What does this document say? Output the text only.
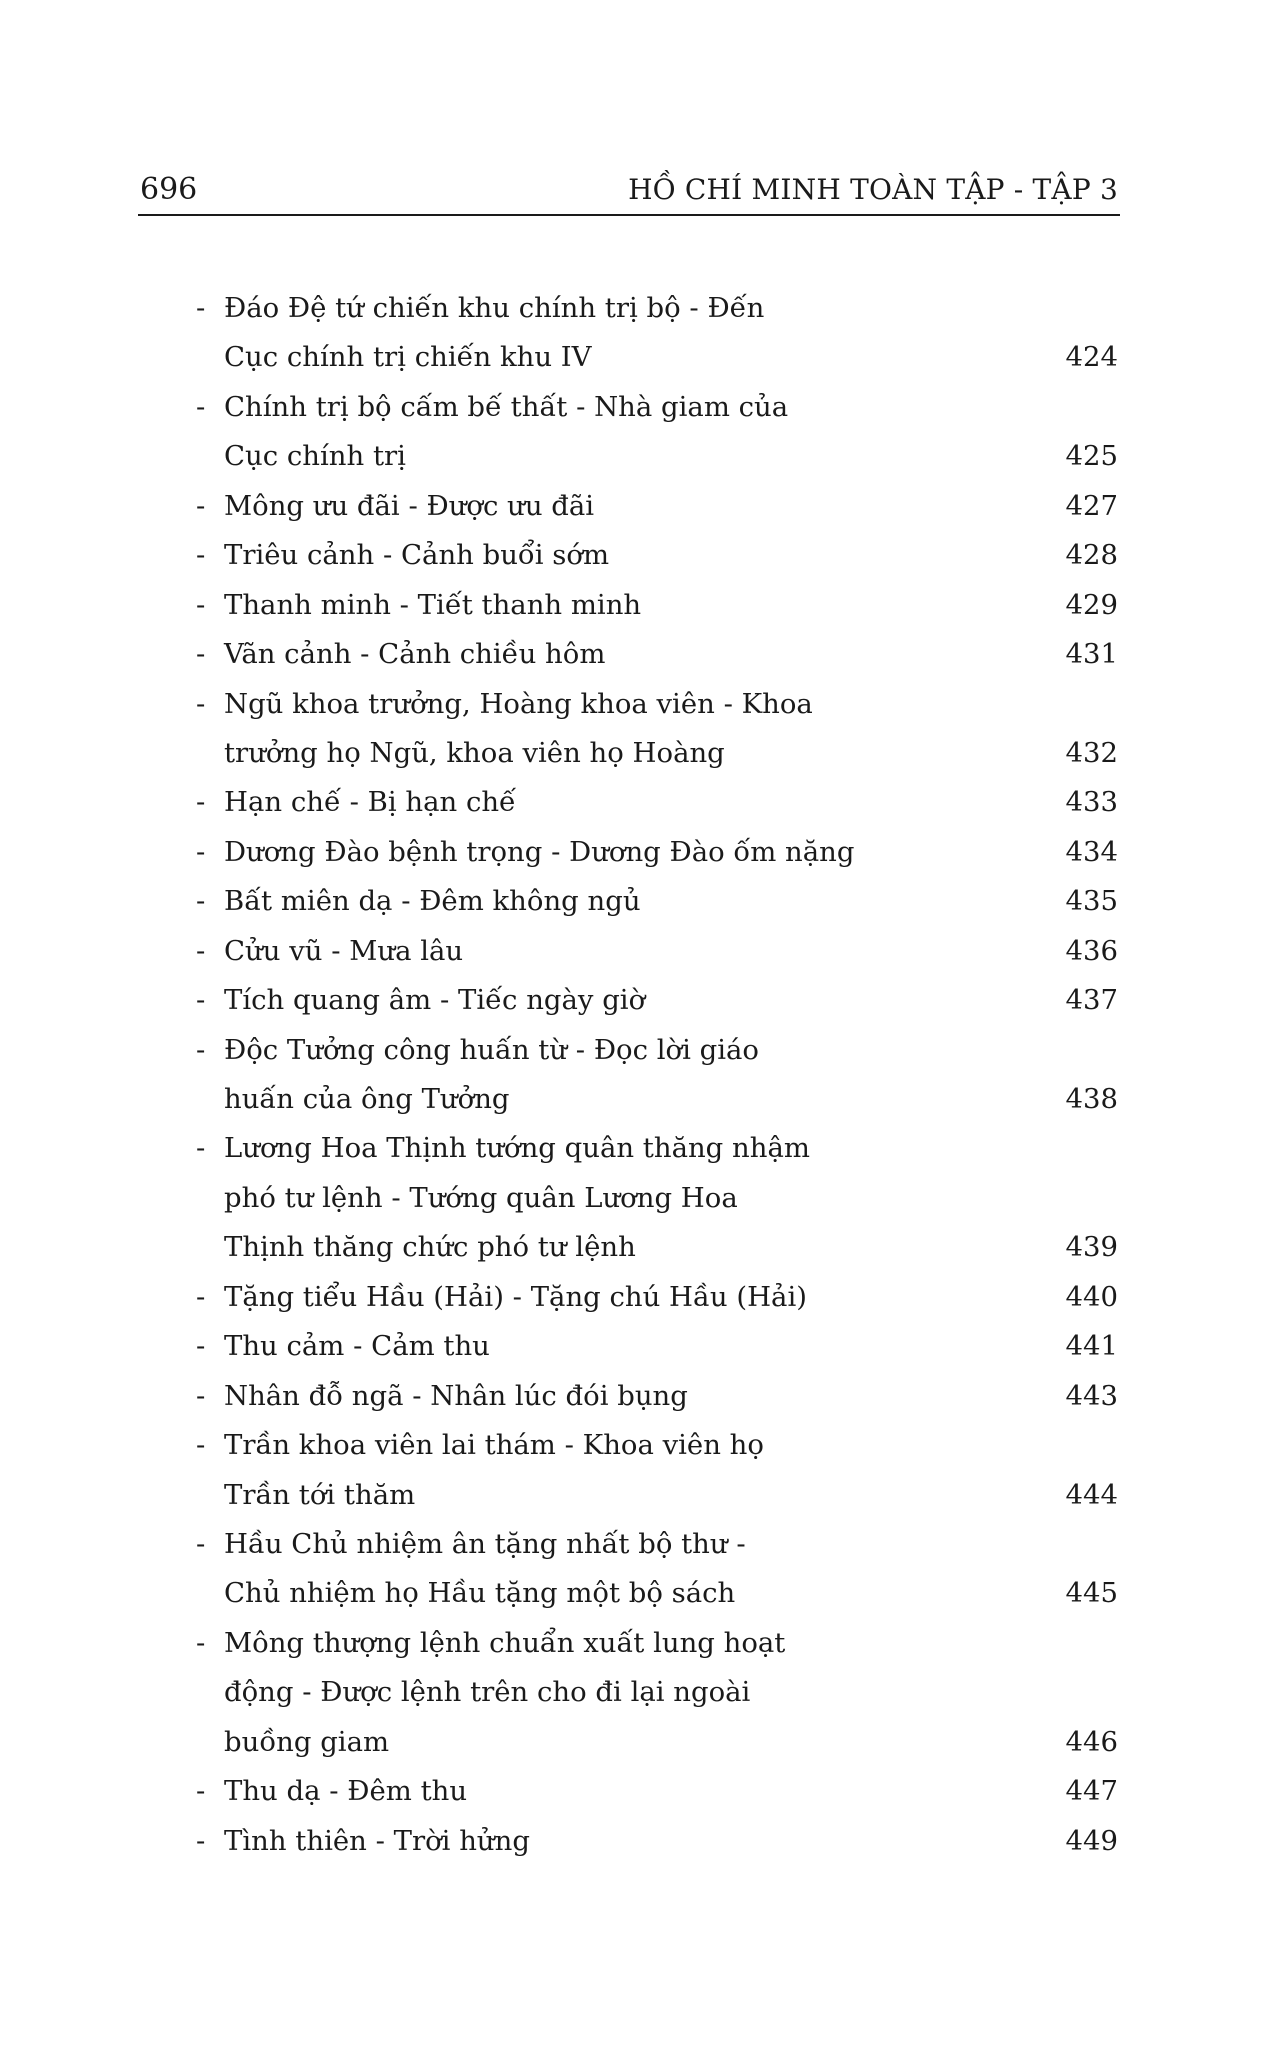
696	HỒ CHÍ MINH TOÀN TẬP - TẬP 3
- Đáo Đệ tứ chiến khu chính trị bộ - Đến
Cục chính trị chiến khu IV	424
- Chính trị bộ cấm bế thất - Nhà giam của
Cục chính trị	425
- Mông ưu đãi - Được ưu đãi	427
- Triêu cảnh - Cảnh buổi sớm	428
- Thanh minh - Tiết thanh minh	429
- Vãn cảnh - Cảnh chiều hôm	431
- Ngũ khoa trưởng, Hoàng khoa viên - Khoa
trưởng họ Ngũ, khoa viên họ Hoàng	432
- Hạn chế - Bị hạn chế	433
- Dương Đào bệnh trọng - Dương Đào ốm nặng	434
- Bất miên dạ - Đêm không ngủ	435
- Cửu vũ - Mưa lâu	436
- Tích quang âm - Tiếc ngày giờ	437
- Độc Tưởng công huấn từ - Đọc lời giáo
huấn của ông Tưởng	438
- Lương Hoa Thịnh tướng quân thăng nhậm
phó tư lệnh - Tướng quân Lương Hoa
Thịnh thăng chức phó tư lệnh	439
- Tặng tiểu Hầu (Hải) - Tặng chú Hầu (Hải)	440
- Thu cảm - Cảm thu	441
- Nhân đỗ ngã - Nhân lúc đói bụng	443
- Trần khoa viên lai thám - Khoa viên họ
Trần tới thăm	444
- Hầu Chủ nhiệm ân tặng nhất bộ thư -
Chủ nhiệm họ Hầu tặng một bộ sách	445
- Mông thượng lệnh chuẩn xuất lung hoạt
động - Được lệnh trên cho đi lại ngoài
buồng giam	446
- Thu dạ - Đêm thu	447
- Tình thiên - Trời hửng	449
